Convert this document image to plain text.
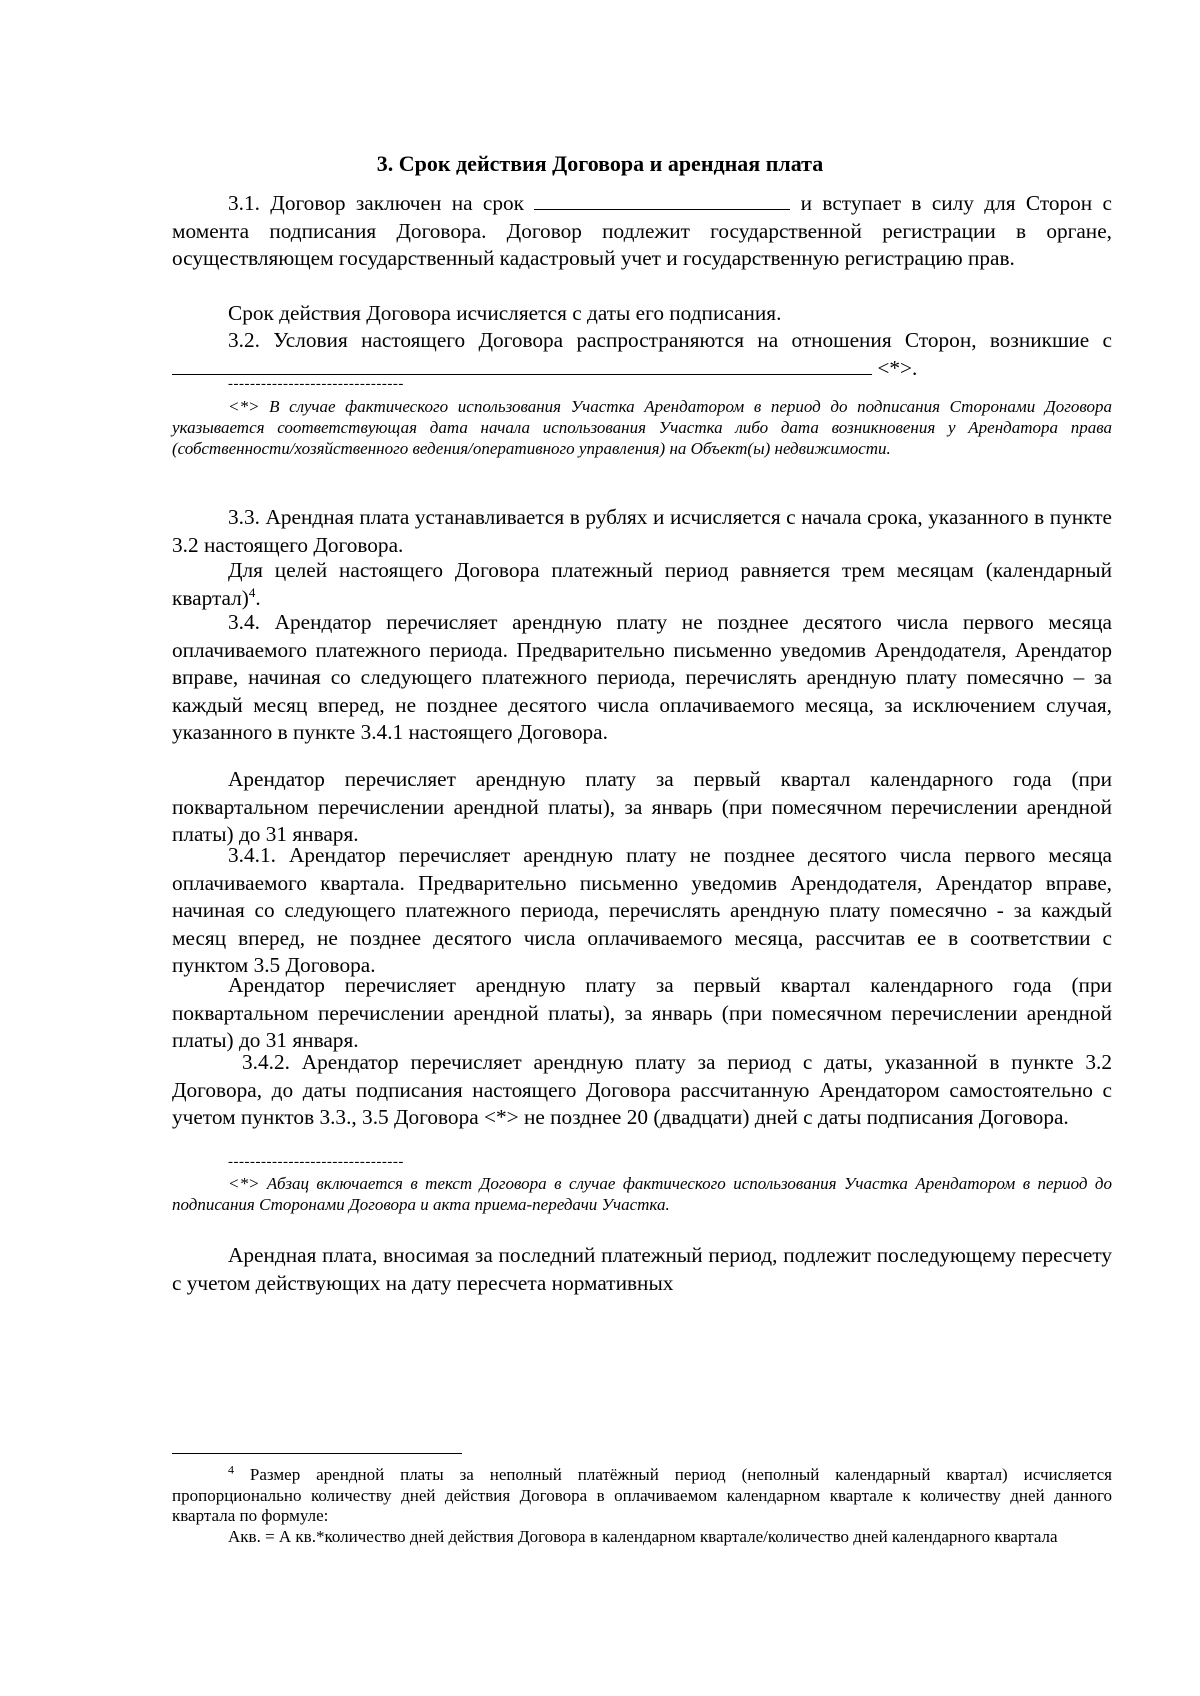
3. Срок действия Договора и арендная плата

3.1. Договор заключен на срок	и вступает в силу для Сторон с момента подписания Договора. Договор подлежит государственной регистрации в органе, осуществляющем государственный кадастровый учет и государственную регистрацию прав.

Срок действия Договора исчисляется с даты его подписания.

3.2. Условия настоящего Договора распространяются на отношения Сторон, возникшие с  <*>.

--------------------------------

<*> В случае фактического использования Участка Арендатором в период до подписания Сторонами Договора указывается соответствующая дата начала использования Участка либо дата возникновения у Арендатора права (собственности/хозяйственного ведения/оперативного управления) на Объект(ы) недвижимости.

3.3. Арендная плата устанавливается в рублях и исчисляется с начала срока, указанного в пункте 3.2 настоящего Договора.

Для целей настоящего Договора платежный период равняется трем месяцам (календарный квартал)$^4$.

3.4. Арендатор перечисляет арендную плату не позднее десятого числа первого месяца оплачиваемого платежного периода. Предварительно письменно уведомив Арендодателя, Арендатор вправе, начиная со следующего платежного периода, перечислять арендную плату помесячно – за каждый месяц вперед, не позднее десятого числа оплачиваемого месяца, за исключением случая, указанного в пункте 3.4.1 настоящего Договора.

Арендатор перечисляет арендную плату за первый квартал календарного года (при поквартальном перечислении арендной платы), за январь (при помесячном перечислении арендной платы) до 31 января.

3.4.1. Арендатор перечисляет арендную плату не позднее десятого числа первого месяца оплачиваемого квартала. Предварительно письменно уведомив Арендодателя, Арендатор вправе, начиная со следующего платежного периода, перечислять арендную плату помесячно - за каждый месяц вперед, не позднее десятого числа оплачиваемого месяца, рассчитав ее в соответствии с пунктом 3.5 Договора.

Арендатор перечисляет арендную плату за первый квартал календарного года (при поквартальном перечислении арендной платы), за январь (при помесячном перечислении арендной платы) до 31 января.

3.4.2. Арендатор перечисляет арендную плату за период с даты, указанной в пункте 3.2 Договора, до даты подписания настоящего Договора рассчитанную Арендатором самостоятельно с учетом пунктов 3.3., 3.5 Договора <*> не позднее 20 (двадцати) дней с даты подписания Договора.

--------------------------------

<*> Абзац включается в текст Договора в случае фактического использования Участка Арендатором в период до подписания Сторонами Договора и акта приема-передачи Участка.

Арендная плата, вносимая за последний платежный период, подлежит последующему пересчету с учетом действующих на дату пересчета нормативных

$^4$ Размер арендной платы за неполный платёжный период (неполный календарный квартал) исчисляется пропорционально количеству дней действия Договора в оплачиваемом календарном квартале к количеству дней данного квартала по формуле:

Акв. = А кв.*количество дней действия Договора в календарном квартале/количество дней календарного квартала
